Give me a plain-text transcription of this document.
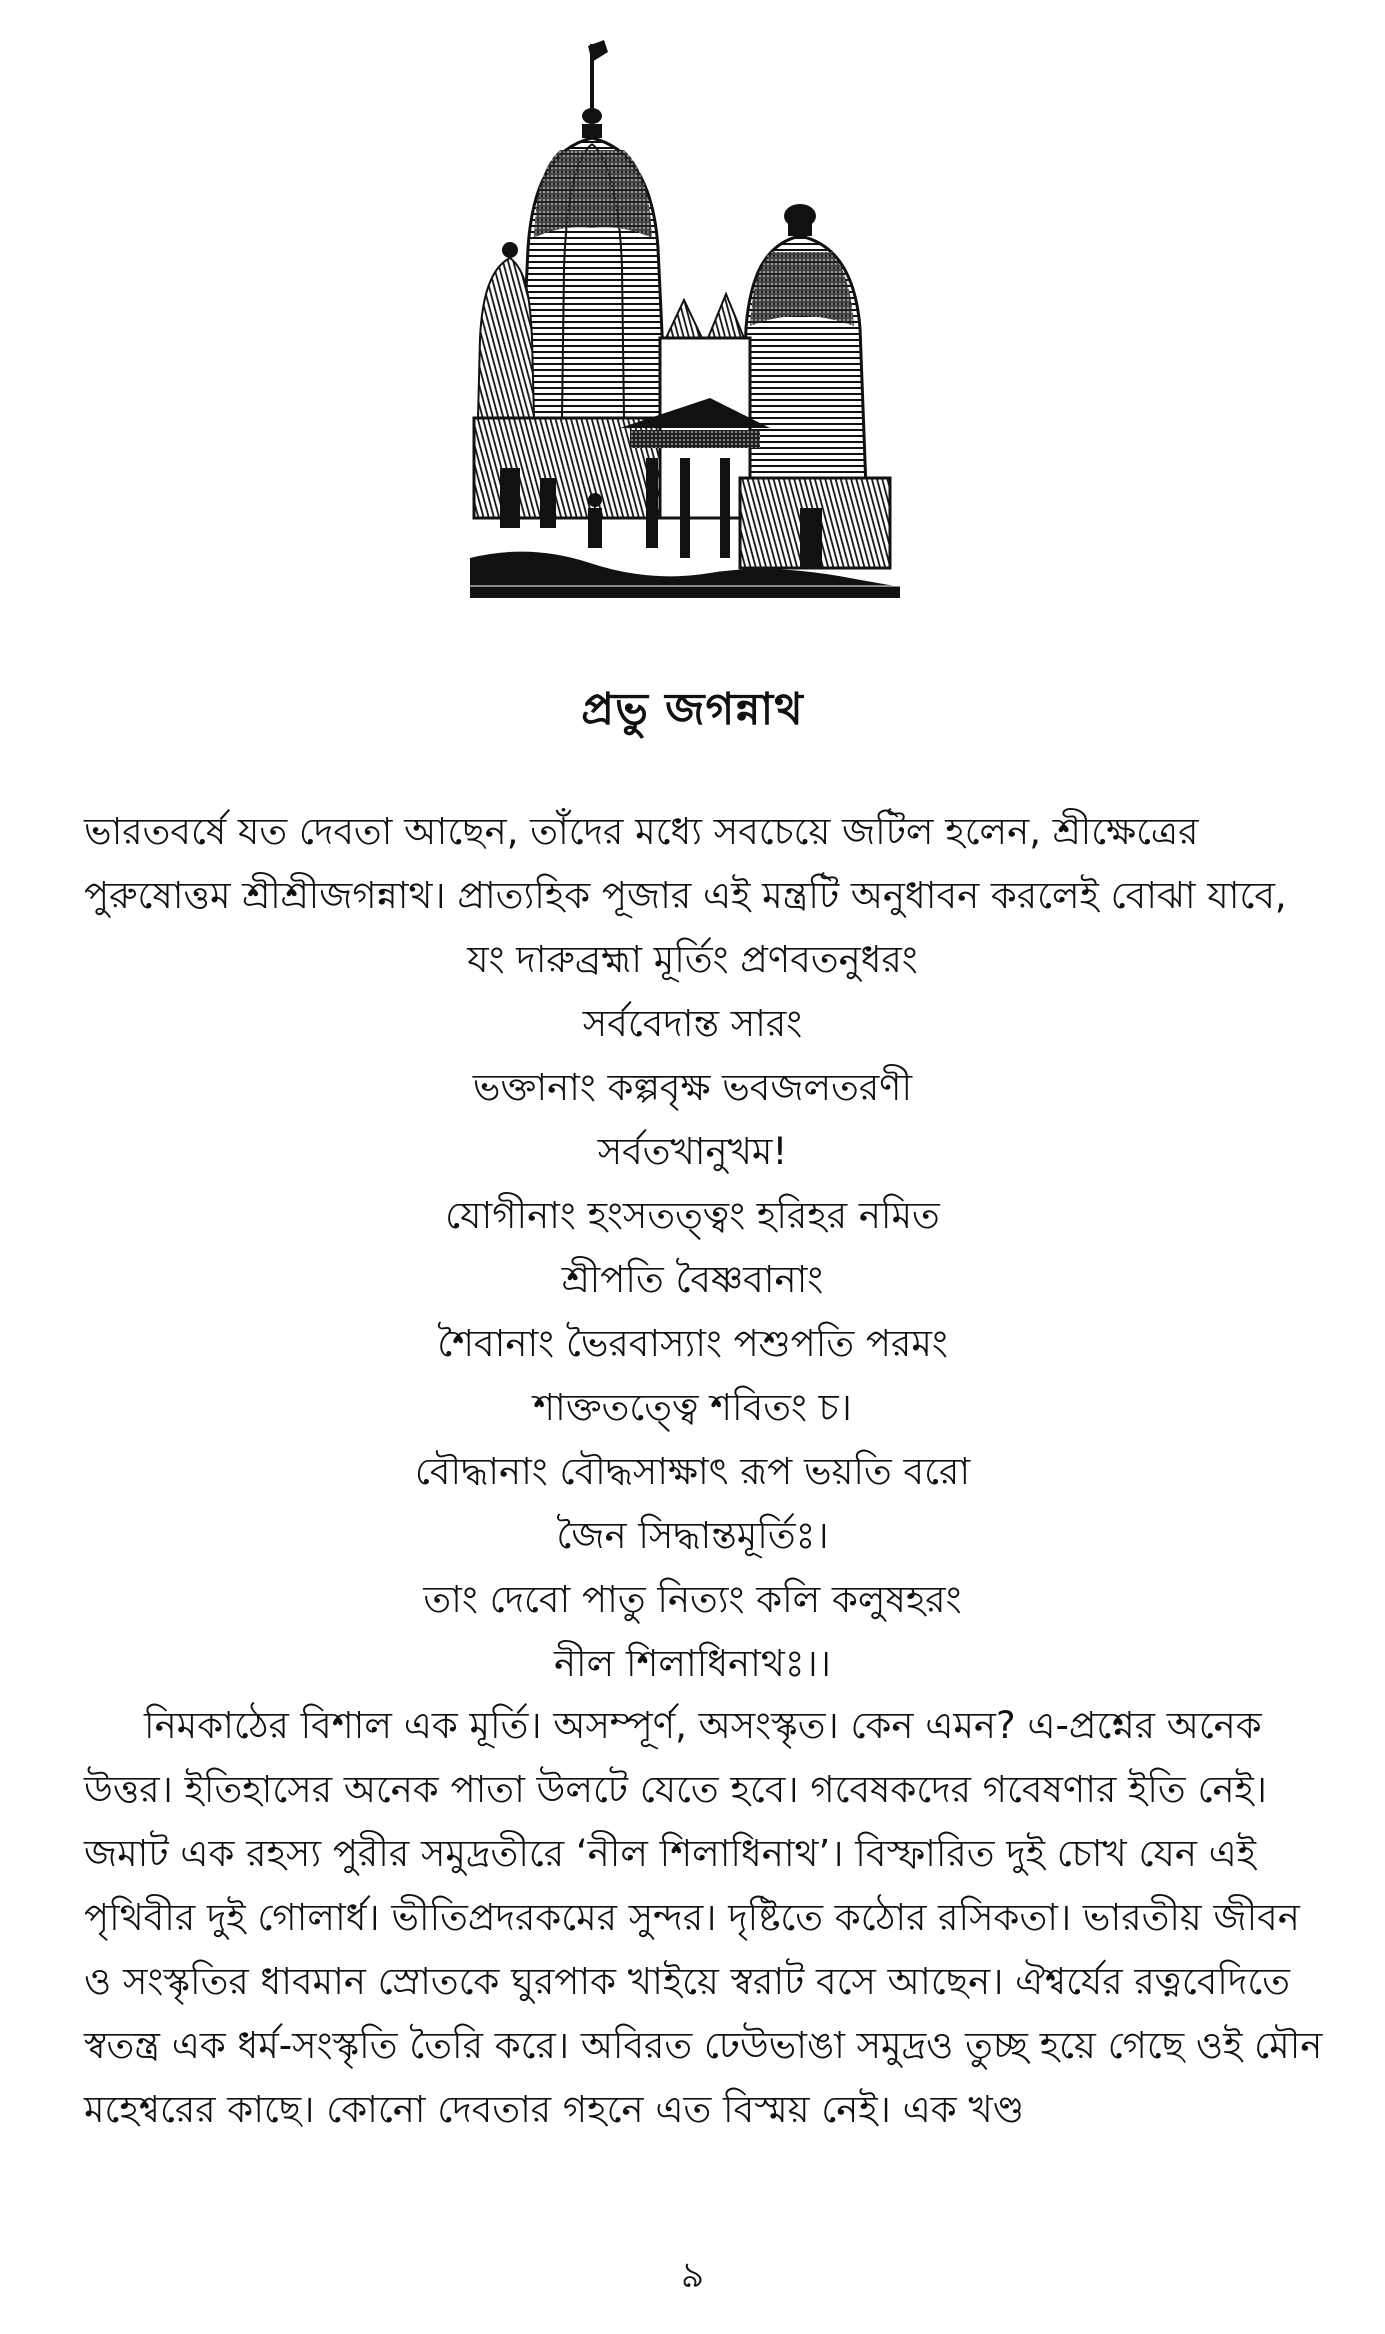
প্রভু জগন্নাথ

ভারতবর্ষে যত দেবতা আছেন, তাঁদের মধ্যে সবচেয়ে জটিল হলেন, শ্রীক্ষেত্রের পুরুষোত্তম শ্রীশ্রীজগন্নাথ। প্রাত্যহিক পূজার এই মন্ত্রটি অনুধাবন করলেই বোঝা যাবে,

যং দারুব্রহ্মা মূর্তিং প্রণবতনুধরং
সর্ববেদান্ত সারং
ভক্তানাং কল্পবৃক্ষ ভবজলতরণী
সর্বতখানুখম!
যোগীনাং হংসতত্ত্বং হরিহর নমিত
শ্রীপতি বৈষ্ণবানাং
শৈবানাং ভৈরবাস্যাং পশুপতি পরমং
শাক্ততত্ত্বে শবিতং চ।
বৌদ্ধানাং বৌদ্ধসাক্ষাৎ রূপ ভয়তি বরো
জৈন সিদ্ধান্তমূর্তিঃ।
তাং দেবো পাতু নিত্যং কলি কলুষহরং
নীল শিলাধিনাথঃ।।

নিমকাঠের বিশাল এক মূর্তি। অসম্পূর্ণ, অসংস্কৃত। কেন এমন? এ-প্রশ্নের অনেক উত্তর। ইতিহাসের অনেক পাতা উলটে যেতে হবে। গবেষকদের গবেষণার ইতি নেই। জমাট এক রহস্য পুরীর সমুদ্রতীরে ‘নীল শিলাধিনাথ’। বিস্ফারিত দুই চোখ যেন এই পৃথিবীর দুই গোলার্ধ। ভীতিপ্রদরকমের সুন্দর। দৃষ্টিতে কঠোর রসিকতা। ভারতীয় জীবন ও সংস্কৃতির ধাবমান স্রোতকে ঘুরপাক খাইয়ে স্বরাট বসে আছেন। ঐশ্বর্যের রত্নবেদিতে স্বতন্ত্র এক ধর্ম-সংস্কৃতি তৈরি করে। অবিরত ঢেউভাঙা সমুদ্রও তুচ্ছ হয়ে গেছে ওই মৌন মহেশ্বরের কাছে। কোনো দেবতার গহনে এত বিস্ময় নেই। এক খণ্ড

৯
